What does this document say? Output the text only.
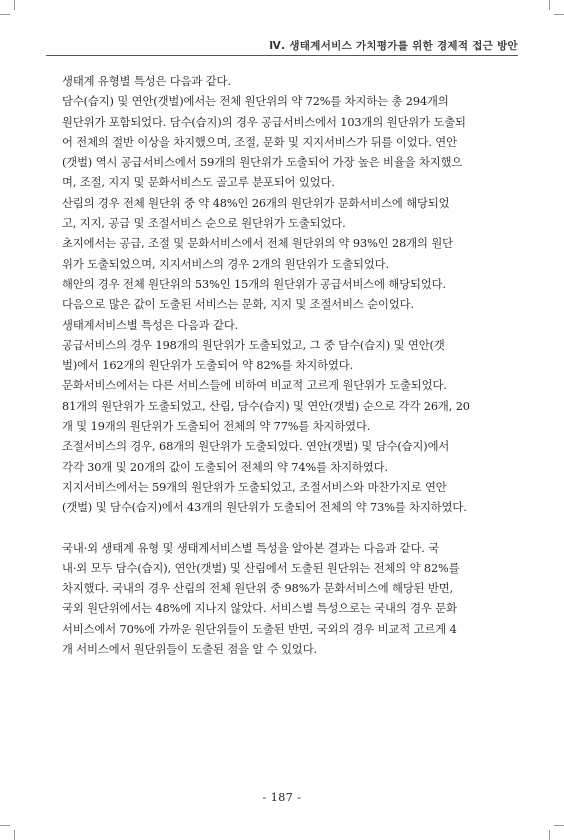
Ⅳ. 생태계서비스 가치평가를 위한 경제적 접근 방안
생태계 유형별 특성은 다음과 같다.
담수(습지) 및 연안(갯벌)에서는 전체 원단위의 약 72%를 차지하는 총 294개의
원단위가 포함되었다. 담수(습지)의 경우 공급서비스에서 103개의 원단위가 도출되
어 전체의 절반 이상을 차지했으며, 조절, 문화 및 지지서비스가 뒤를 이었다. 연안
(갯벌) 역시 공급서비스에서 59개의 원단위가 도출되어 가장 높은 비율을 차지했으
며, 조절, 지지 및 문화서비스도 골고루 분포되어 있었다.
산림의 경우 전체 원단위 중 약 48%인 26개의 원단위가 문화서비스에 해당되었
고, 지지, 공급 및 조절서비스 순으로 원단위가 도출되었다.
초지에서는 공급, 조절 및 문화서비스에서 전체 원단위의 약 93%인 28개의 원단
위가 도출되었으며, 지지서비스의 경우 2개의 원단위가 도출되었다.
해안의 경우 전체 원단위의 53%인 15개의 원단위가 공급서비스에 해당되었다.
다음으로 많은 값이 도출된 서비스는 문화, 지지 및 조절서비스 순이었다.
생태계서비스별 특성은 다음과 같다.
공급서비스의 경우 198개의 원단위가 도출되었고, 그 중 담수(습지) 및 연안(갯
벌)에서 162개의 원단위가 도출되어 약 82%를 차지하였다.
문화서비스에서는 다른 서비스들에 비하여 비교적 고르게 원단위가 도출되었다.
81개의 원단위가 도출되었고, 산림, 담수(습지) 및 연안(갯벌) 순으로 각각 26개, 20
개 및 19개의 원단위가 도출되어 전체의 약 77%를 차지하였다.
조절서비스의 경우, 68개의 원단위가 도출되었다. 연안(갯벌) 및 담수(습지)에서
각각 30개 및 20개의 값이 도출되어 전체의 약 74%를 차지하였다.
지지서비스에서는 59개의 원단위가 도출되었고, 조절서비스와 마찬가지로 연안
(갯벌) 및 담수(습지)에서 43개의 원단위가 도출되어 전체의 약 73%를 차지하였다.
국내·외 생태계 유형 및 생태계서비스별 특성을 알아본 결과는 다음과 같다. 국
내·외 모두 담수(습지), 연안(갯벌) 및 산림에서 도출된 원단위는 전체의 약 82%를
차지했다. 국내의 경우 산림의 전체 원단위 중 98%가 문화서비스에 해당된 반면,
국외 원단위에서는 48%에 지나지 않았다. 서비스별 특성으로는 국내의 경우 문화
서비스에서 70%에 가까운 원단위들이 도출된 반면, 국외의 경우 비교적 고르게 4
개 서비스에서 원단위들이 도출된 점을 알 수 있었다.
- 187 -
